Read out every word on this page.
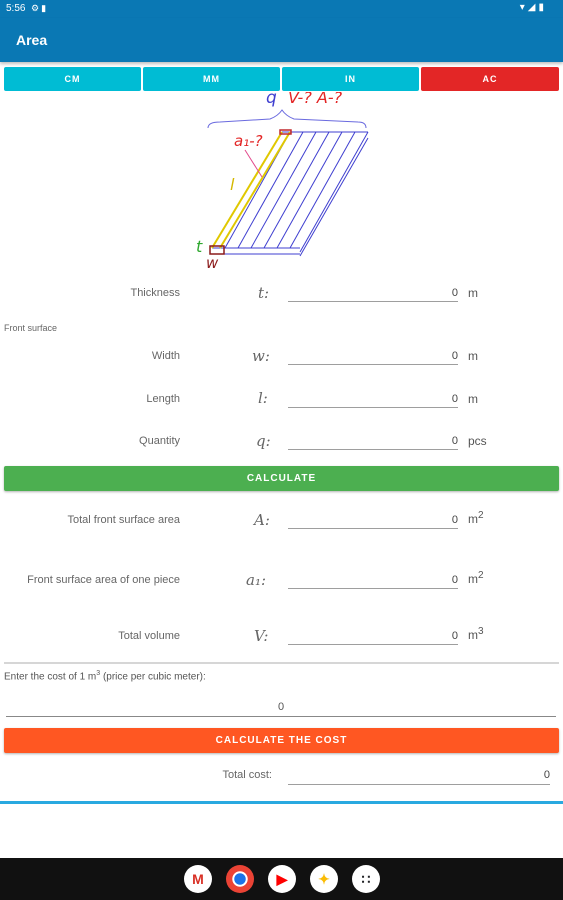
5:56 ⚙▮	▾◢▮
Area
CM	MM	IN	AC
q V-? A-?
a₁-?
l
t
w
Thickness	t:	0 m
Front surface
Width	w:	0 m
Length	l:	0 m
Quantity	q:	0 pcs
CALCULATE
Total front surface area	A:	0 $m^2$
Front surface area of one piece	a₁:	0 $m^2$
Total volume	V:	0 $m^3$
Enter the cost of 1 $m^3$ (price per cubic meter):
0
CALCULATE THE COST
Total cost:	0
M	▶	✦	∷
